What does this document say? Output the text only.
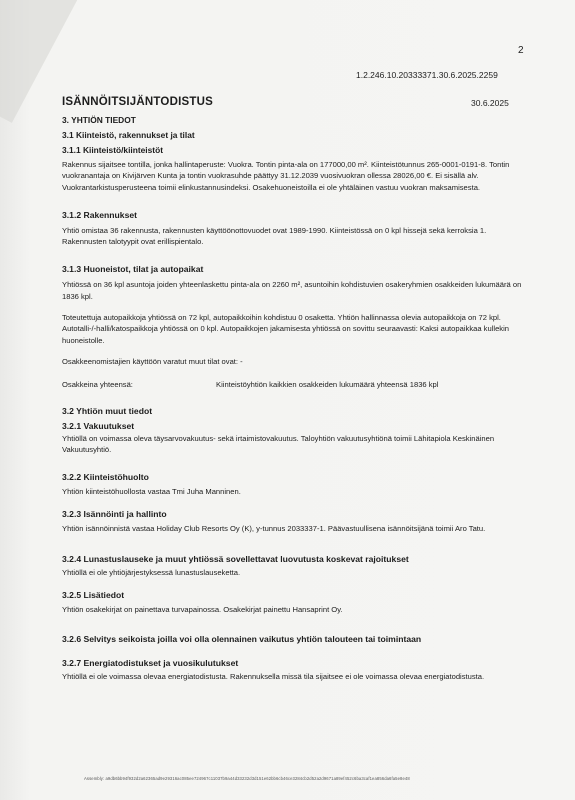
2
1.2.246.10.20333371.30.6.2025.2259
ISÄNNÖITSIJÄNTODISTUS	30.6.2025
3. YHTIÖN TIEDOT
3.1 Kiinteistö, rakennukset ja tilat
3.1.1 Kiinteistö/kiinteistöt

Rakennus sijaitsee tontilla, jonka hallintaperuste: Vuokra. Tontin pinta-ala on 177000,00 m². Kiinteistötunnus 265-0001-0191-8. Tontin vuokranantaja on Kivijärven Kunta ja tontin vuokrasuhde päättyy 31.12.2039 vuosivuokran ollessa 28026,00 €. Ei sisällä alv. Vuokrantarkistusperusteena toimii elinkustannusindeksi. Osakehuoneistoilla ei ole yhtäläinen vastuu vuokran maksamisesta.

3.1.2 Rakennukset

Yhtiö omistaa 36 rakennusta, rakennusten käyttöönottovuodet ovat 1989-1990. Kiinteistössä on 0 kpl hissejä sekä kerroksia 1. Rakennusten talotyypit ovat erillispientalo.

3.1.3 Huoneistot, tilat ja autopaikat

Yhtiössä on 36 kpl asuntoja joiden yhteenlaskettu pinta-ala on 2260 m², asuntoihin kohdistuvien osakeryhmien osakkeiden lukumäärä on 1836 kpl.

Toteutettuja autopaikkoja yhtiössä on 72 kpl, autopaikkoihin kohdistuu 0 osaketta. Yhtiön hallinnassa olevia autopaikkoja on 72 kpl. Autotalli-/-halli/katospaikkoja yhtiössä on 0 kpl. Autopaikkojen jakamisesta yhtiössä on sovittu seuraavasti: Kaksi autopaikkaa kullekin huoneistolle.

Osakkeenomistajien käyttöön varatut muut tilat ovat: -

Osakkeina yhteensä:	Kiinteistöyhtiön kaikkien osakkeiden lukumäärä yhteensä 1836 kpl
3.2 Yhtiön muut tiedot
3.2.1 Vakuutukset

Yhtiöllä on voimassa oleva täysarvovakuutus- sekä irtaimistovakuutus. Taloyhtiön vakuutusyhtiönä toimii Lähitapiola Keskinäinen Vakuutusyhtiö.

3.2.2 Kiinteistöhuolto

Yhtiön kiinteistöhuollosta vastaa Tmi Juha Manninen.

3.2.3 Isännöinti ja hallinto

Yhtiön isännöinnistä vastaa Holiday Club Resorts Oy (K), y-tunnus 2033337-1. Päävastuullisena isännöitsijänä toimii Aro Tatu.

3.2.4 Lunastuslauseke ja muut yhtiössä sovellettavat luovutusta koskevat rajoitukset

Yhtiöllä ei ole yhtiöjärjestyksessä lunastuslauseketta.

3.2.5 Lisätiedot

Yhtiön osakekirjat on painettava turvapainossa. Osakekirjat painettu Hansaprint Oy.

3.2.6 Selvitys seikoista joilla voi olla olennainen vaikutus yhtiön talouteen tai toimintaan
3.2.7 Energiatodistukset ja vuosikulutukset

Yhtiöllä ei ole voimassa olevaa energiatodistusta. Rakennuksella missä tila sijaitsee ei ole voimassa olevaa energiatodistusta.

Assembly: a9db6bb94f932d2a62365ad9e29316ac085ee724967c11037b9a44d33232d3d151e62bb6cb46ce3284cb2d52a2d9671a89ef452c6ba3caf1ea856da6fa5e8e48
